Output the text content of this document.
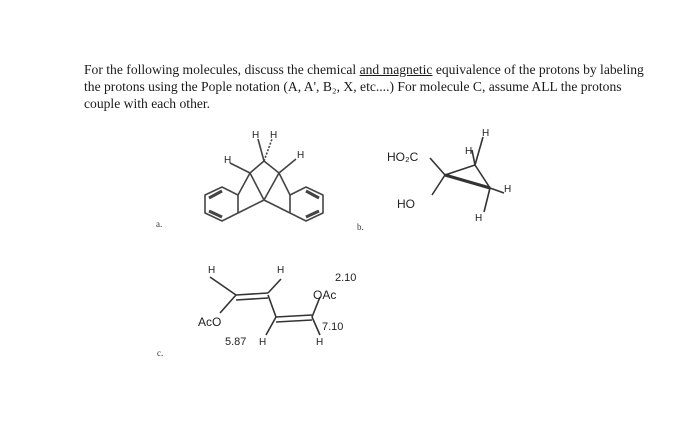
For the following molecules, discuss the chemical and magnetic equivalence of the protons by labeling the protons using the Pople notation (A, A', B₂, X, etc....) For molecule C, assume ALL the protons couple with each other.

a.	b.
c.
H	H
H H
HO₂C
HO
H
H
H
H
H	H
2.10
OAc
AcO	7.10
5.87 H	H
